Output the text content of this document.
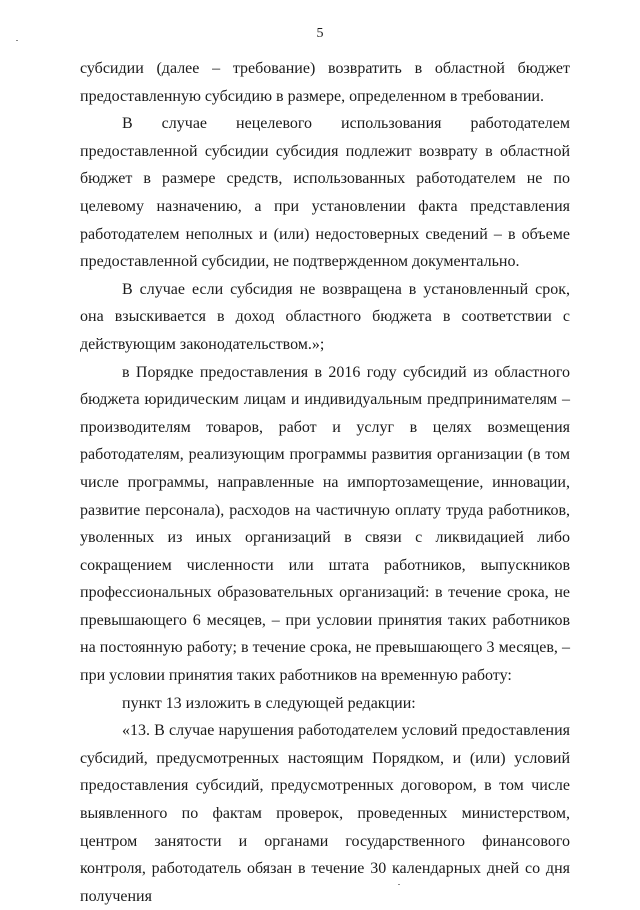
5

субсидии (далее – требование) возвратить в областной бюджет предоставленную субсидию в размере, определенном в требовании.

В случае нецелевого использования работодателем предоставленной субсидии субсидия подлежит возврату в областной бюджет в размере средств, использованных работодателем не по целевому назначению, а при установлении факта представления работодателем неполных и (или) недостоверных сведений – в объеме предоставленной субсидии, не подтвержденном документально.

В случае если субсидия не возвращена в установленный срок, она взыскивается в доход областного бюджета в соответствии с действующим законодательством.»;

в Порядке предоставления в 2016 году субсидий из областного бюджета юридическим лицам и индивидуальным предпринимателям – производителям товаров, работ и услуг в целях возмещения работодателям, реализующим программы развития организации (в том числе программы, направленные на импортозамещение, инновации, развитие персонала), расходов на частичную оплату труда работников, уволенных из иных организаций в связи с ликвидацией либо сокращением численности или штата работников, выпускников профессиональных образовательных организаций: в течение срока, не превышающего 6 месяцев, – при условии принятия таких работников на постоянную работу; в течение срока, не превышающего 3 месяцев, – при условии принятия таких работников на временную работу:

пункт 13 изложить в следующей редакции:

«13. В случае нарушения работодателем условий предоставления субсидий, предусмотренных настоящим Порядком, и (или) условий предоставления субсидий, предусмотренных договором, в том числе выявленного по фактам проверок, проведенных министерством, центром занятости и органами государственного финансового контроля, работодатель обязан в течение 30 календарных дней со дня получения
